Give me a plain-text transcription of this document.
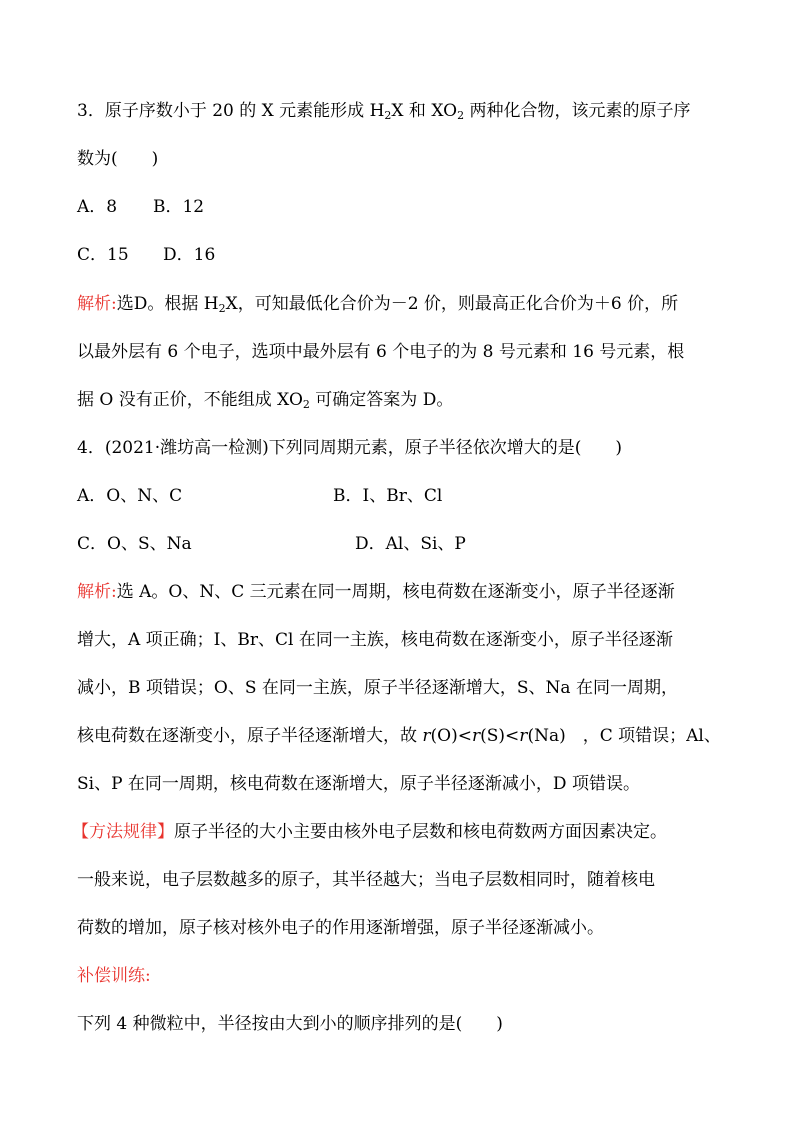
3．原子序数小于 20 的 X 元素能形成 $H_2X$ 和 $XO_2$ 两种化合物，该元素的原子序
数为(　　)
A．8 B．12
C．15 D．16
解析:选D。根据 $H_2X$，可知最低化合价为－2 价，则最高正化合价为＋6 价，所
以最外层有 6 个电子，选项中最外层有 6 个电子的为 8 号元素和 16 号元素，根
据 O 没有正价，不能组成 $XO_2$ 可确定答案为 D。
4．(2021·潍坊高一检测)下列同周期元素，原子半径依次增大的是(　　)
A．O、N、C	B．I、Br、Cl
C．O、S、Na	D．Al、Si、P
解析:选 A。O、N、C 三元素在同一周期，核电荷数在逐渐变小，原子半径逐渐
增大，A 项正确；I、Br、Cl 在同一主族，核电荷数在逐渐变小，原子半径逐渐
减小，B 项错误；O、S 在同一主族，原子半径逐渐增大，S、Na 在同一周期，
核电荷数在逐渐变小，原子半径逐渐增大，故 r(O)<r(S)<r(Na)　，C 项错误；Al、
Si、P 在同一周期，核电荷数在逐渐增大，原子半径逐渐减小，D 项错误。
【方法规律】原子半径的大小主要由核外电子层数和核电荷数两方面因素决定。
一般来说，电子层数越多的原子，其半径越大；当电子层数相同时，随着核电
荷数的增加，原子核对核外电子的作用逐渐增强，原子半径逐渐减小。
补偿训练:
下列 4 种微粒中，半径按由大到小的顺序排列的是(　　)
